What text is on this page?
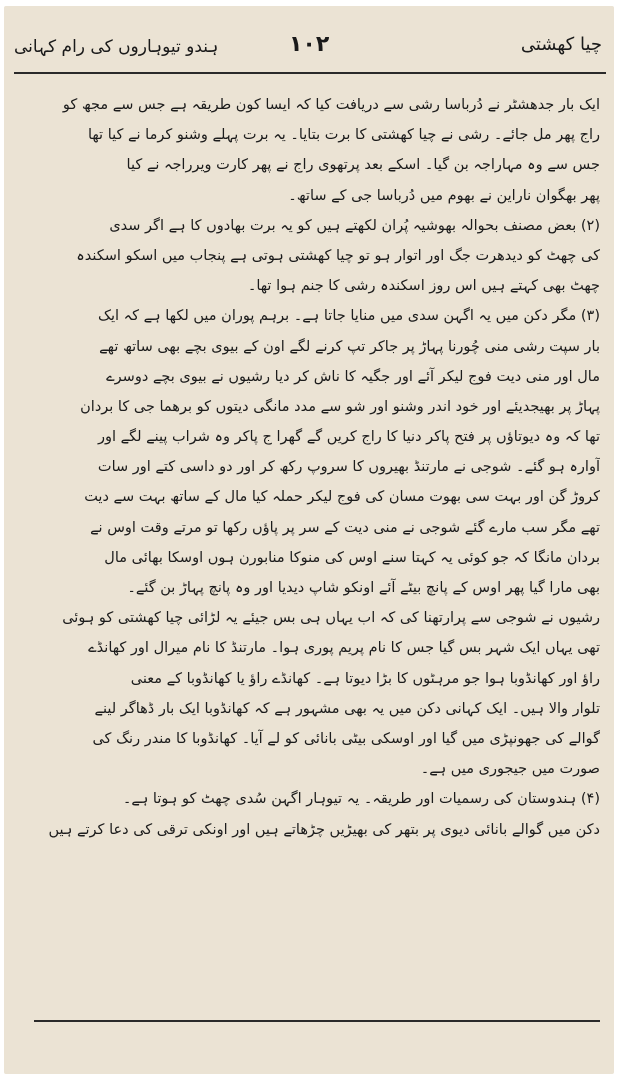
ہندو تیوہاروں کی رام کہانی	۱۰۲	چیا کھشتی
ایک بار جدھشٹر نے دُرباسا رشی سے دریافت کیا کہ ایسا کون طریقہ ہے جس سے مجھ کو
راج پھر مل جائے۔ رشی نے چیا کھشتی کا برت بتایا۔ یہ برت پہلے وشنو کرما نے کیا تھا
جس سے وہ مہاراجہ بن گیا۔ اسکے بعد پرتھوی راج نے پھر کارت ویرراجہ نے کیا
پھر بھگوان ناراین نے بھوم میں دُرباسا جی کے ساتھ۔
(۲) بعض مصنف بحوالہ بھوشیہ پُران لکھتے ہیں کو یہ برت بھادوں کا ہے اگر سدی
کی چھٹ کو دیدھرت جگ اور اتوار ہو تو چیا کھشتی ہوتی ہے پنجاب میں اسکو اسکندہ
چھٹ بھی کہتے ہیں اس روز اسکندہ رشی کا جنم ہوا تھا۔
(۳) مگر دکن میں یہ اگہن سدی میں منایا جاتا ہے۔ برہم پوران میں لکھا ہے کہ ایک
بار سپت رشی منی چُورنا پہاڑ پر جاکر تپ کرنے لگے اون کے بیوی بچے بھی ساتھ تھے
مال اور منی دیت فوج لیکر آئے اور جگیہ کا ناش کر دیا رشیوں نے بیوی بچے دوسرے
پہاڑ پر بھیجدیئے اور خود اندر وشنو اور شو سے مدد مانگی دیتوں کو برھما جی کا بردان
تھا کہ وہ دیوتاؤں پر فتح پاکر دنیا کا راج کریں گے گھرا ج پاکر وہ شراب پینے لگے اور
آوارہ ہو گئے۔ شوجی نے مارتنڈ بھیروں کا سروپ رکھ کر اور دو داسی کتے اور سات
کروڑ گن اور بہت سی بھوت مسان کی فوج لیکر حملہ کیا مال کے ساتھ بہت سے دیت
تھے مگر سب مارے گئے شوجی نے منی دیت کے سر پر پاؤں رکھا تو مرتے وقت اوس نے
بردان مانگا کہ جو کوئی یہ کہتا سنے اوس کی منوکا منابورن ہوں اوسکا بھائی مال
بھی مارا گیا پھر اوس کے پانچ بیٹے آئے اونکو شاپ دیدیا اور وہ پانچ پہاڑ بن گئے۔
رشیوں نے شوجی سے پرارتھنا کی کہ اب یہاں ہی بس جیئے یہ لڑائی چیا کھشتی کو ہوئی
تھی یہاں ایک شہر بس گیا جس کا نام پریم پوری ہوا۔ مارتنڈ کا نام میرال اور کھانڈے
راؤ اور کھانڈوبا ہوا جو مرہٹوں کا بڑا دیوتا ہے۔ کھانڈے راؤ یا کھانڈوبا کے معنی
تلوار والا ہیں۔ ایک کہانی دکن میں یہ بھی مشہور ہے کہ کھانڈوبا ایک بار ڈھاگر لینے
گوالے کی جھونپڑی میں گیا اور اوسکی بیٹی بانائی کو لے آیا۔ کھانڈوبا کا مندر رنگ کی
صورت میں جیجوری میں ہے۔
(۴) ہندوستان کی رسمیات اور طریقہ۔ یہ تیوہار اگہن سُدی چھٹ کو ہوتا ہے۔
دکن میں گوالے بانائی دیوی پر بتھر کی بھیڑیں چڑھاتے ہیں اور اونکی ترقی کی دعا کرتے ہیں
